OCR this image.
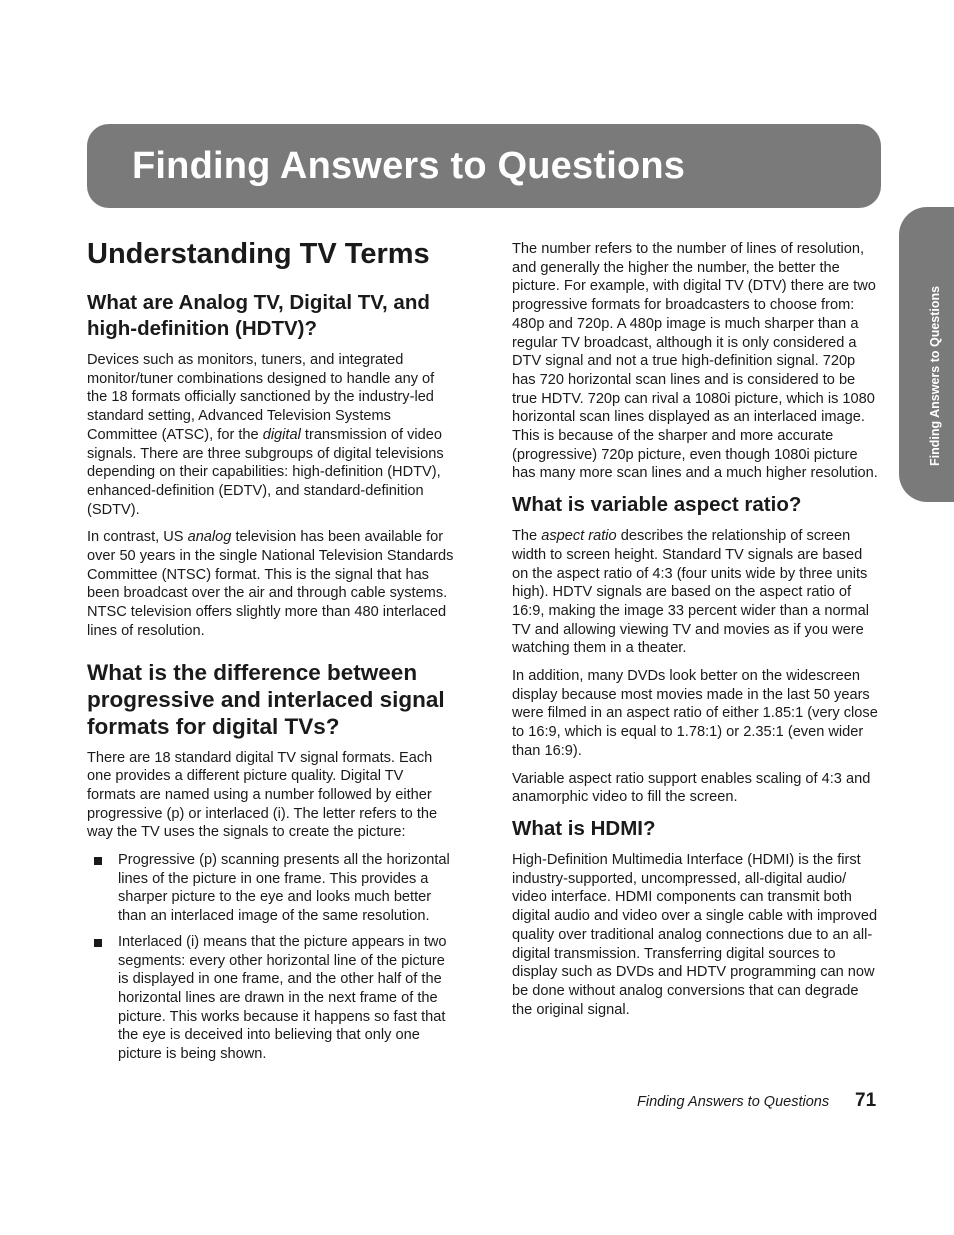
Finding Answers to Questions
Finding Answers to Questions
Understanding TV Terms
What are Analog TV, Digital TV, and high-definition (HDTV)?

Devices such as monitors, tuners, and integrated monitor/tuner combinations designed to handle any of the 18 formats officially sanctioned by the industry-led standard setting, Advanced Television Systems Committee (ATSC), for the digital transmission of video signals. There are three subgroups of digital televisions depending on their capabilities: high-definition (HDTV), enhanced-definition (EDTV), and standard-definition (SDTV).

In contrast, US analog television has been available for over 50 years in the single National Television Standards Committee (NTSC) format. This is the signal that has been broadcast over the air and through cable systems. NTSC television offers slightly more than 480 interlaced lines of resolution.

What is the difference between progressive and interlaced signal formats for digital TVs?

There are 18 standard digital TV signal formats. Each one provides a different picture quality. Digital TV formats are named using a number followed by either progressive (p) or interlaced (i). The letter refers to the way the TV uses the signals to create the picture:

Progressive (p) scanning presents all the horizontal lines of the picture in one frame. This provides a sharper picture to the eye and looks much better than an interlaced image of the same resolution.
Interlaced (i) means that the picture appears in two segments: every other horizontal line of the picture is displayed in one frame, and the other half of the horizontal lines are drawn in the next frame of the picture. This works because it happens so fast that the eye is deceived into believing that only one picture is being shown.

The number refers to the number of lines of resolution, and generally the higher the number, the better the picture. For example, with digital TV (DTV) there are two progressive formats for broadcasters to choose from: 480p and 720p. A 480p image is much sharper than a regular TV broadcast, although it is only considered a DTV signal and not a true high-definition signal. 720p has 720 horizontal scan lines and is considered to be true HDTV. 720p can rival a 1080i picture, which is 1080 horizontal scan lines displayed as an interlaced image. This is because of the sharper and more accurate (progressive) 720p picture, even though 1080i picture has many more scan lines and a much higher resolution.

What is variable aspect ratio?

The aspect ratio describes the relationship of screen width to screen height. Standard TV signals are based on the aspect ratio of 4:3 (four units wide by three units high). HDTV signals are based on the aspect ratio of 16:9, making the image 33 percent wider than a normal TV and allowing viewing TV and movies as if you were watching them in a theater.

In addition, many DVDs look better on the widescreen display because most movies made in the last 50 years were filmed in an aspect ratio of either 1.85:1 (very close to 16:9, which is equal to 1.78:1) or 2.35:1 (even wider than 16:9).

Variable aspect ratio support enables scaling of 4:3 and anamorphic video to fill the screen.

What is HDMI?

High-Definition Multimedia Interface (HDMI) is the first industry-supported, uncompressed, all-digital audio/ video interface. HDMI components can transmit both digital audio and video over a single cable with improved quality over traditional analog connections due to an all-digital transmission. Transferring digital sources to display such as DVDs and HDTV programming can now be done without analog conversions that can degrade the original signal.

Finding Answers to Questions 71
